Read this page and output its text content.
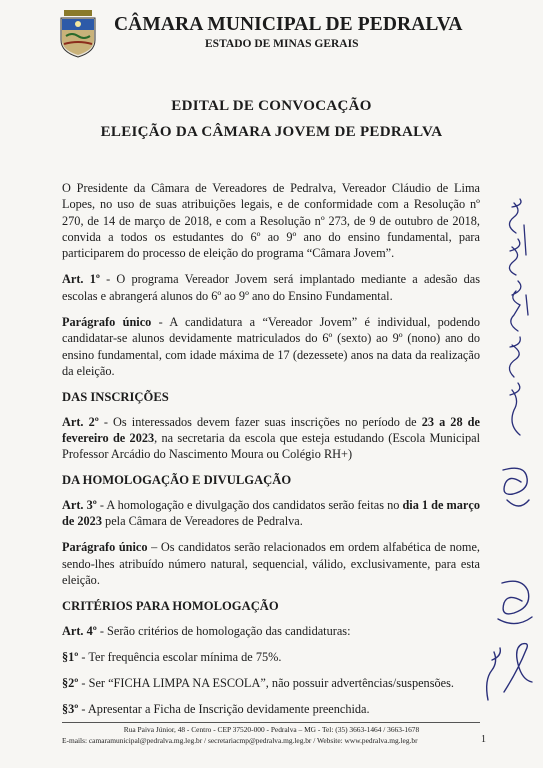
CÂMARA MUNICIPAL DE PEDRALVA
ESTADO DE MINAS GERAIS
EDITAL DE CONVOCAÇÃO
ELEIÇÃO DA CÂMARA JOVEM DE PEDRALVA

O Presidente da Câmara de Vereadores de Pedralva, Vereador Cláudio de Lima Lopes, no uso de suas atribuições legais, e de conformidade com a Resolução nº 270, de 14 de março de 2018, e com a Resolução nº 273, de 9 de outubro de 2018, convida a todos os estudantes do 6º ao 9º ano do ensino fundamental, para participarem do processo de eleição do programa “Câmara Jovem”.

Art. 1º - O programa Vereador Jovem será implantado mediante a adesão das escolas e abrangerá alunos do 6º ao 9º ano do Ensino Fundamental.

Parágrafo único - A candidatura a “Vereador Jovem” é individual, podendo candidatar-se alunos devidamente matriculados do 6º (sexto) ao 9º (nono) ano do ensino fundamental, com idade máxima de 17 (dezessete) anos na data da realização da eleição.

DAS INSCRIÇÕES

Art. 2º - Os interessados devem fazer suas inscrições no período de 23 a 28 de fevereiro de 2023, na secretaria da escola que esteja estudando (Escola Municipal Professor Arcádio do Nascimento Moura ou Colégio RH+)

DA HOMOLOGAÇÃO E DIVULGAÇÃO

Art. 3º - A homologação e divulgação dos candidatos serão feitas no dia 1 de março de 2023 pela Câmara de Vereadores de Pedralva.

Parágrafo único – Os candidatos serão relacionados em ordem alfabética de nome, sendo-lhes atribuído número natural, sequencial, válido, exclusivamente, para esta eleição.

CRITÉRIOS PARA HOMOLOGAÇÃO

Art. 4º - Serão critérios de homologação das candidaturas:

§1º - Ter frequência escolar mínima de 75%.

§2º - Ser “FICHA LIMPA NA ESCOLA”, não possuir advertências/suspensões.

§3º - Apresentar a Ficha de Inscrição devidamente preenchida.

Rua Paiva Júnior, 48 - Centro - CEP 37520-000 - Pedralva – MG - Tel: (35) 3663-1464 / 3663-1678
E-mails: camaramunicipal@pedralva.mg.leg.br / secretariacmp@pedralva.mg.leg.br / Website: www.pedralva.mg.leg.br	1
